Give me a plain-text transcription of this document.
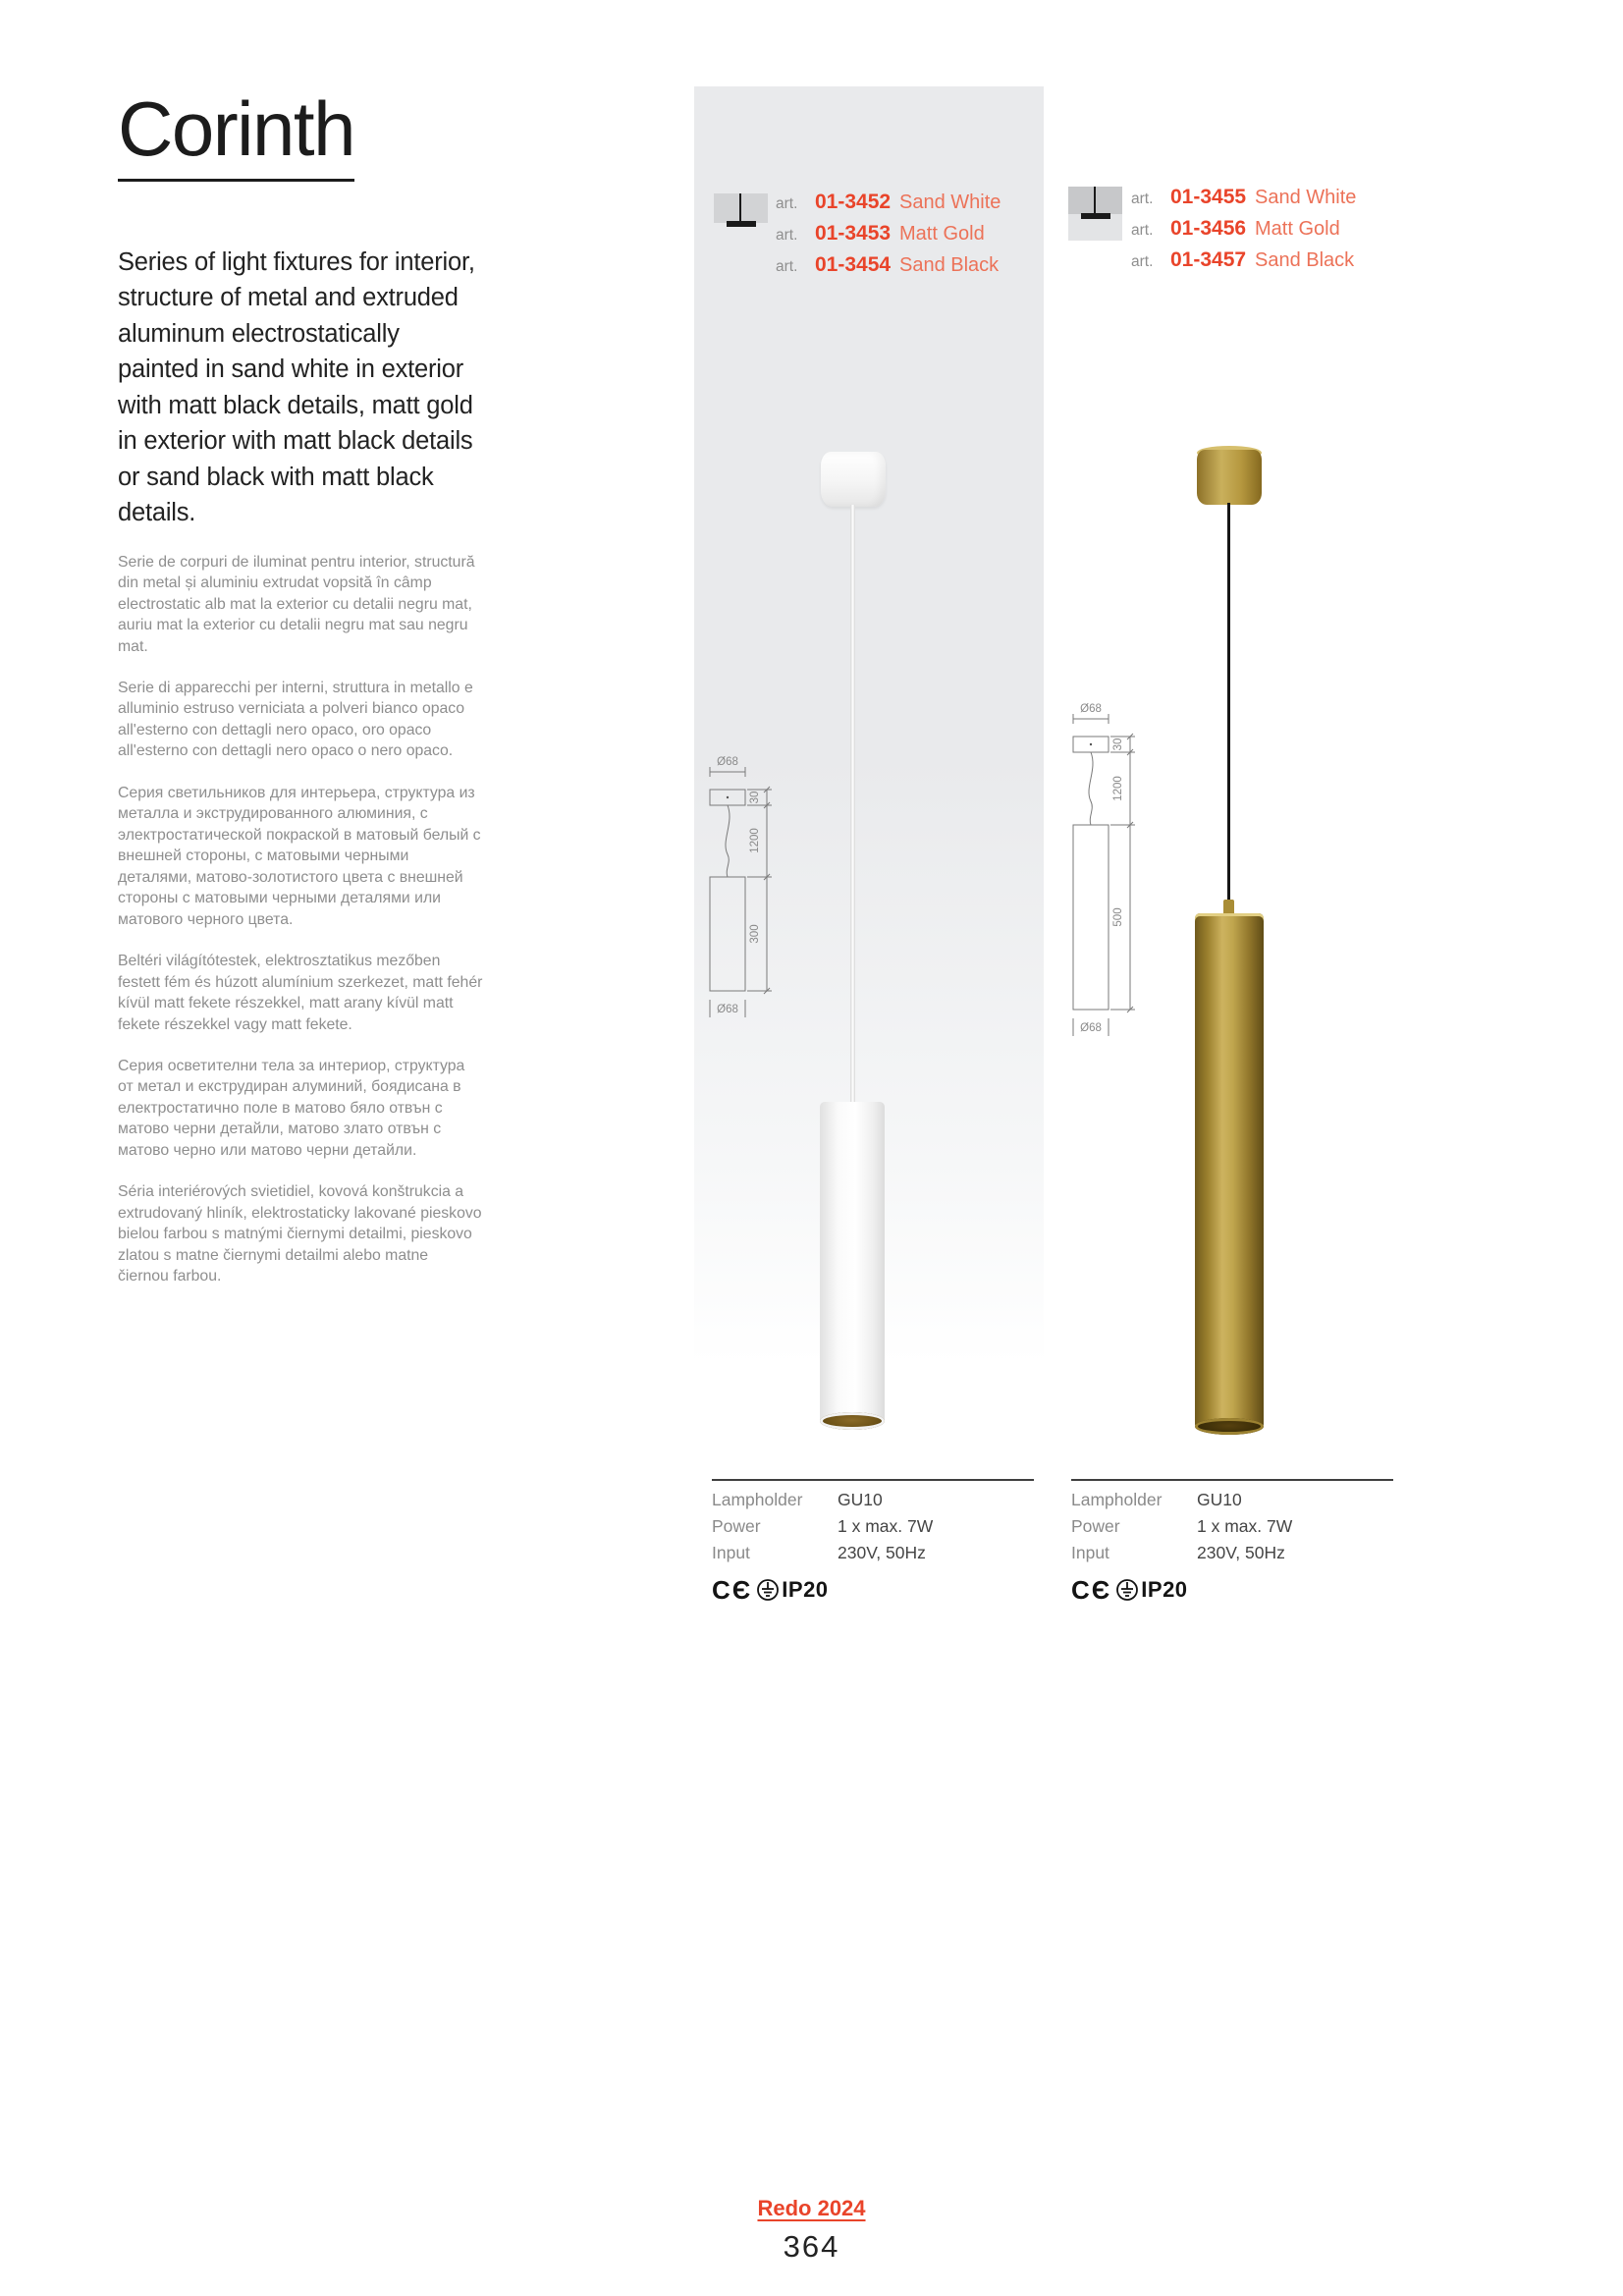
Corinth

Series of light fixtures for interior, structure of metal and extruded aluminum electrostatically painted in sand white in exterior with matt black details, matt gold in exterior with matt black details or sand black with matt black details.

Serie de corpuri de iluminat pentru interior, structură din metal și aluminiu extrudat vopsită în câmp electrostatic alb mat la exterior cu detalii negru mat, auriu mat la exterior cu detalii negru mat sau negru mat.

Serie di apparecchi per interni, struttura in metallo e alluminio estruso verniciata a polveri bianco opaco all'esterno con dettagli nero opaco, oro opaco all'esterno con dettagli nero opaco o nero opaco.

Серия светильников для интерьера, структура из металла и экструдированного алюминия, с электростатической покраской в матовый белый с внешней стороны, с матовыми черными деталями, матово-золотистого цвета с внешней стороны с матовыми черными деталями или матового черного цвета.

Beltéri világítótestek, elektrosztatikus mezőben festett fém és húzott alumínium szerkezet, matt fehér kívül matt fekete részekkel, matt arany kívül matt fekete részekkel vagy matt fekete.

Серия осветителни тела за интериор, структура от метал и екструдиран алуминий, боядисана в електростатично поле в матово бяло отвън с матово черни детайли, матово злато отвън с матово черно или матово черни детайли.

Séria interiérových svietidiel, kovová konštrukcia a extrudovaný hliník, elektrostaticky lakované pieskovo bielou farbou s matnými čiernymi detailmi, pieskovo zlatou s matne čiernymi detailmi alebo matne čiernou farbou.

art. 01-3452 Sand White
art. 01-3453 Matt Gold
art. 01-3454 Sand Black
art. 01-3455 Sand White
art. 01-3456 Matt Gold
art. 01-3457 Sand Black
Ø68
30
1200
300
Ø68
Ø68
30
1200
500
Ø68
Lampholder	GU10
Power	1 x max. 7W
Input	230V, 50Hz
CЄ IP20
Lampholder	GU10
Power	1 x max. 7W
Input	230V, 50Hz
CЄ IP20
Redo 2024
364
